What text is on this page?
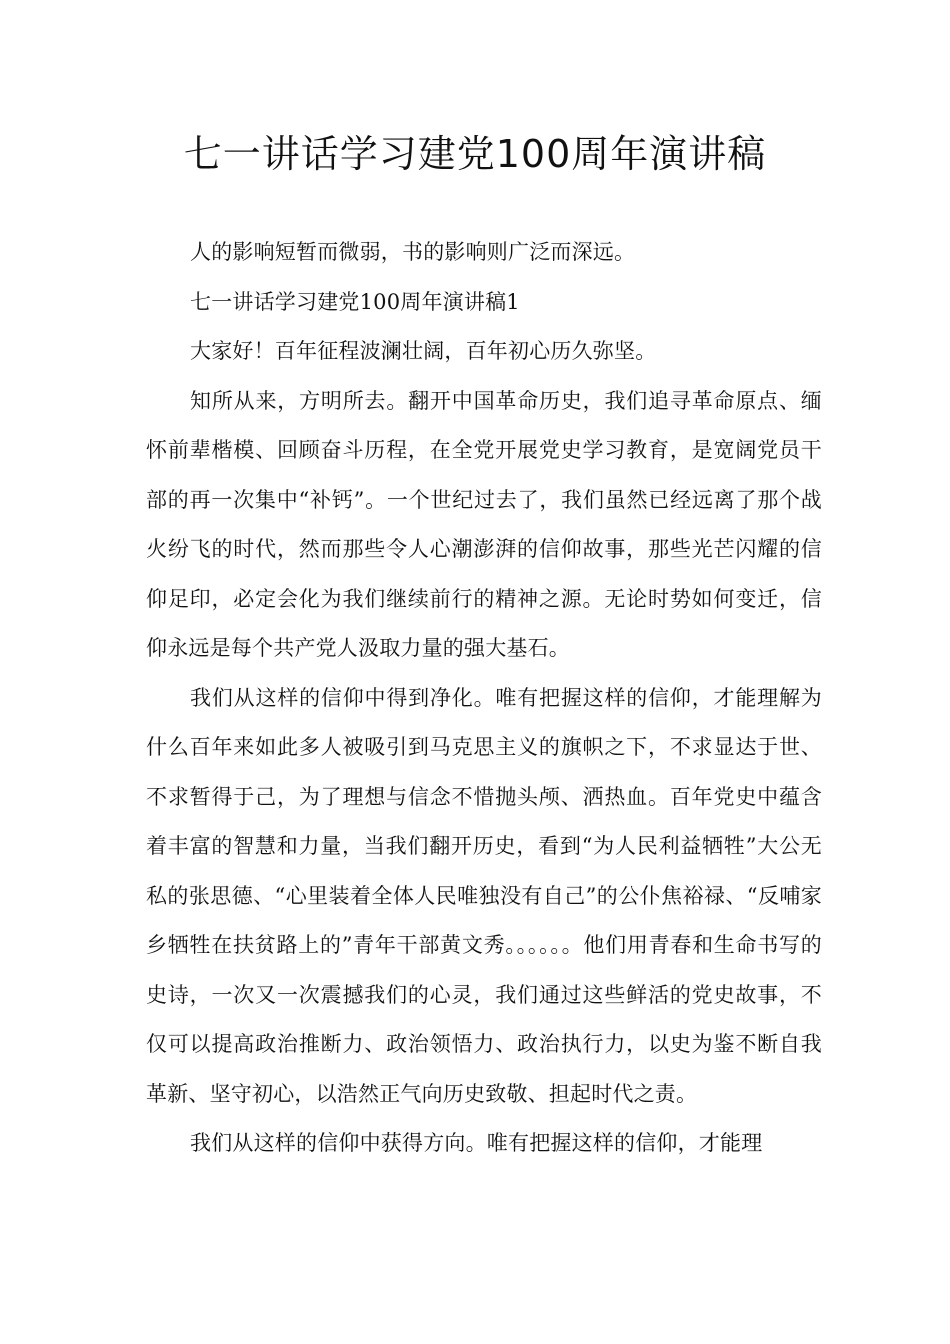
七一讲话学习建党100周年演讲稿

人的影响短暂而微弱，书的影响则广泛而深远。

七一讲话学习建党100周年演讲稿1

大家好！百年征程波澜壮阔，百年初心历久弥坚。

知所从来，方明所去。翻开中国革命历史，我们追寻革命原点、缅怀前辈楷模、回顾奋斗历程，在全党开展党史学习教育，是宽阔党员干部的再一次集中“补钙”。一个世纪过去了，我们虽然已经远离了那个战火纷飞的时代，然而那些令人心潮澎湃的信仰故事，那些光芒闪耀的信仰足印，必定会化为我们继续前行的精神之源。无论时势如何变迁，信仰永远是每个共产党人汲取力量的强大基石。

我们从这样的信仰中得到净化。唯有把握这样的信仰，才能理解为什么百年来如此多人被吸引到马克思主义的旗帜之下，不求显达于世、不求暂得于己，为了理想与信念不惜抛头颅、洒热血。百年党史中蕴含着丰富的智慧和力量，当我们翻开历史，看到“为人民利益牺牲”大公无私的张思德、“心里装着全体人民唯独没有自己”的公仆焦裕禄、“反哺家乡牺牲在扶贫路上的”青年干部黄文秀。。。。。。他们用青春和生命书写的史诗，一次又一次震撼我们的心灵，我们通过这些鲜活的党史故事，不仅可以提高政治推断力、政治领悟力、政治执行力，以史为鉴不断自我革新、坚守初心，以浩然正气向历史致敬、担起时代之责。

我们从这样的信仰中获得方向。唯有把握这样的信仰，才能理
